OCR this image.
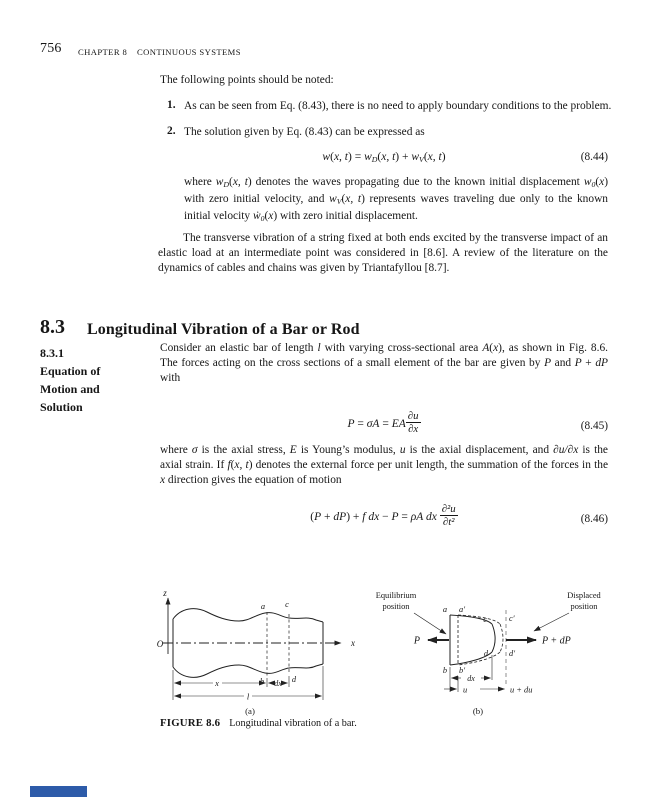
756 CHAPTER 8 CONTINUOUS SYSTEMS
The following points should be noted:
1. As can be seen from Eq. (8.43), there is no need to apply boundary conditions to the problem.
2. The solution given by Eq. (8.43) can be expressed as
w(x, $t) = w_D(x$, $t) + w_V(x$, t)	(8.44)
where $w_D(x$, t) denotes the waves propagating due to the known initial displacement $w_0(x)$ with zero initial velocity, and $w_V(x$, t) represents waves traveling due only to the known initial velocity ẇ$_0$(x) with zero initial displacement.
The transverse vibration of a string fixed at both ends excited by the transverse impact of an elastic load at an intermediate point was considered in [8.6]. A review of the literature on the dynamics of cables and chains was given by Triantafyllou [8.7].
8.3 Longitudinal Vibration of a Bar or Rod
8.3.1
Equation of
Motion and
Solution
Consider an elastic bar of length l with varying cross-sectional area A(x), as shown in Fig. 8.6. The forces acting on the cross sections of a small element of the bar are given by P and P + dP with
P = σA = EA $\frac{\partial u}{\partial x}$	(8.45)
where σ is the axial stress, E is Young’s modulus, u is the axial displacement, and ∂u/∂x is the axial strain. If f(x, t) denotes the external force per unit length, the summation of the forces in the x direction gives the equation of motion
(P + dP) + f dx − P = ρA dx $\frac{\text{∂²u}}{\text{∂t²}}$	(8.46)
z
x
O
a c
b	d
x	dx
l
(a)
Equilibrium
position
Displaced
position
a a′
b b′
c	c′
d	d′
P	P + dP
dx
u	u + du
(b)
FIGURE 8.6 Longitudinal vibration of a bar.
